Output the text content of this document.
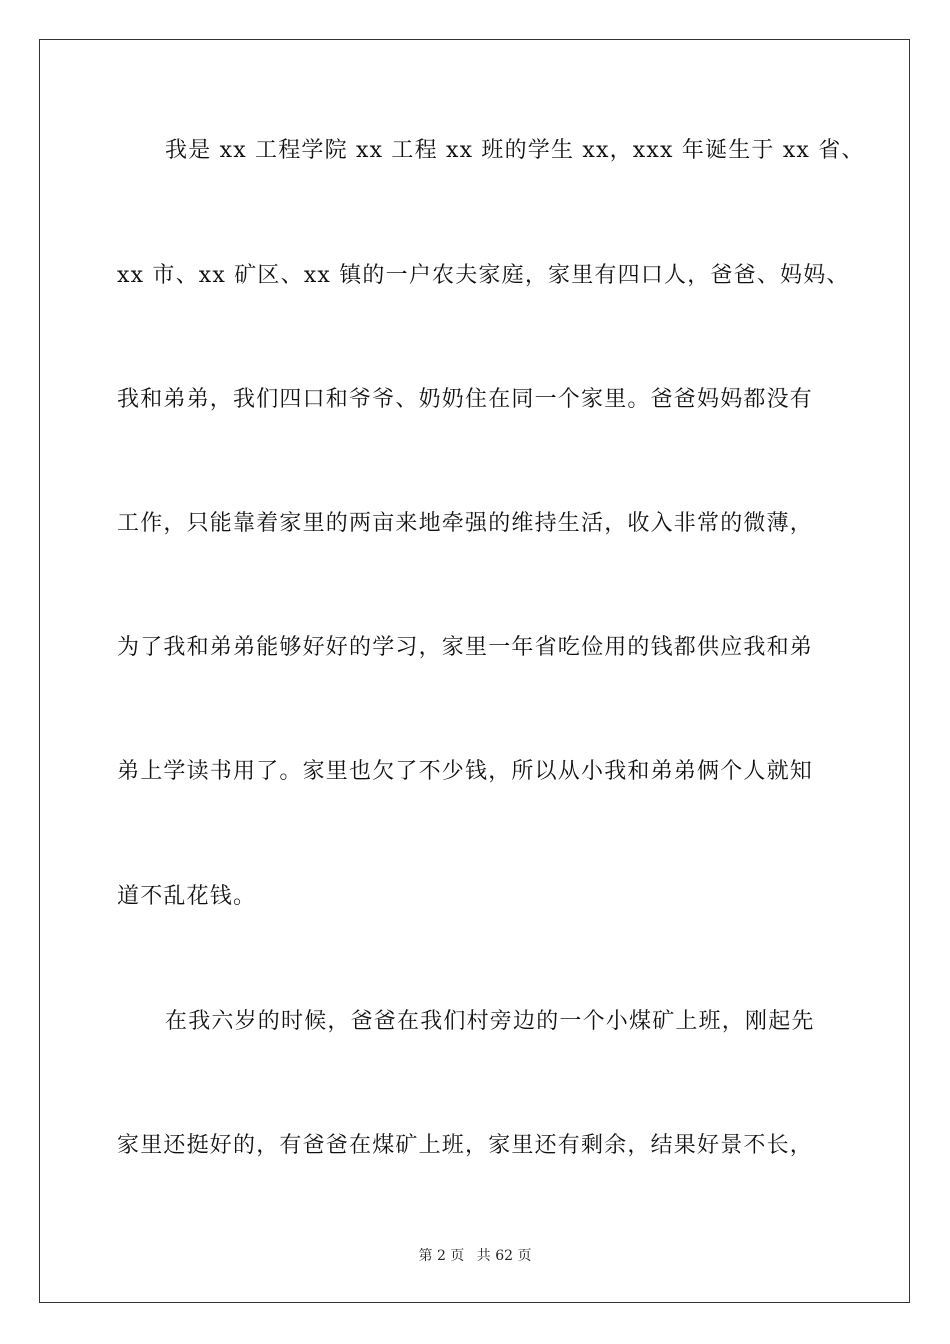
我是 xx 工程学院 xx 工程 xx 班的学生 xx，xxx 年诞生于 xx 省、
xx 市、xx 矿区、xx 镇的一户农夫家庭，家里有四口人，爸爸、妈妈、
我和弟弟，我们四口和爷爷、奶奶住在同一个家里。爸爸妈妈都没有
工作，只能靠着家里的两亩来地牵强的维持生活，收入非常的微薄，
为了我和弟弟能够好好的学习，家里一年省吃俭用的钱都供应我和弟
弟上学读书用了。家里也欠了不少钱，所以从小我和弟弟俩个人就知
道不乱花钱。
在我六岁的时候，爸爸在我们村旁边的一个小煤矿上班，刚起先
家里还挺好的，有爸爸在煤矿上班，家里还有剩余，结果好景不长，
第 2 页 共 62 页
